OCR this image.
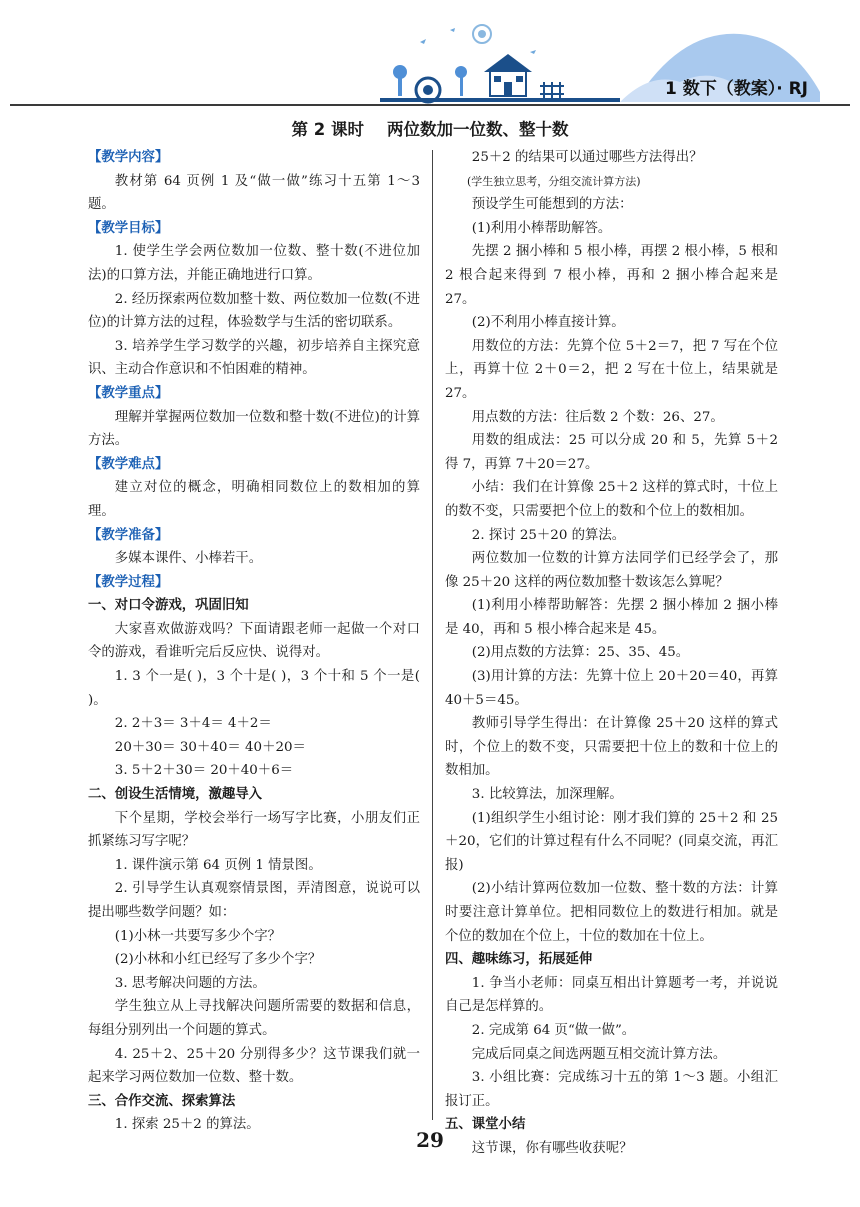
1 数下（教案）· RJ
第 2 课时    两位数加一位数、整十数

【教学内容】

教材第 64 页例 1 及“做一做”练习十五第 1～3 题。

【教学目标】

1. 使学生学会两位数加一位数、整十数(不进位加法)的口算方法，并能正确地进行口算。

2. 经历探索两位数加整十数、两位数加一位数(不进位)的计算方法的过程，体验数学与生活的密切联系。

3. 培养学生学习数学的兴趣，初步培养自主探究意识、主动合作意识和不怕困难的精神。

【教学重点】

理解并掌握两位数加一位数和整十数(不进位)的计算方法。

【教学难点】

建立对位的概念，明确相同数位上的数相加的算理。

【教学准备】

多媒本课件、小棒若干。

【教学过程】

一、对口令游戏，巩固旧知

大家喜欢做游戏吗？下面请跟老师一起做一个对口令的游戏，看谁听完后反应快、说得对。

1. 3 个一是( )，3 个十是( )，3 个十和 5 个一是( )。

2. 2＋3＝ 3＋4＝ 4＋2＝

20＋30＝ 30＋40＝ 40＋20＝

3. 5＋2＋30＝ 20＋40＋6＝

二、创设生活情境，激趣导入

下个星期，学校会举行一场写字比赛，小朋友们正抓紧练习写字呢？

1. 课件演示第 64 页例 1 情景图。

2. 引导学生认真观察情景图，弄清图意，说说可以提出哪些数学问题？如：

(1)小林一共要写多少个字？

(2)小林和小红已经写了多少个字？

3. 思考解决问题的方法。

学生独立从上寻找解决问题所需要的数据和信息，每组分别列出一个问题的算式。

4. 25＋2、25＋20 分别得多少？这节课我们就一起来学习两位数加一位数、整十数。

三、合作交流、探索算法

1. 探索 25＋2 的算法。

25＋2 的结果可以通过哪些方法得出？

(学生独立思考，分组交流计算方法)

预设学生可能想到的方法：

(1)利用小棒帮助解答。

先摆 2 捆小棒和 5 根小棒，再摆 2 根小棒，5 根和 2 根合起来得到 7 根小棒，再和 2 捆小棒合起来是 27。

(2)不利用小棒直接计算。

用数位的方法：先算个位 5＋2＝7，把 7 写在个位上，再算十位 2＋0＝2，把 2 写在十位上，结果就是 27。

用点数的方法：往后数 2 个数：26、27。

用数的组成法：25 可以分成 20 和 5，先算 5＋2 得 7，再算 7＋20＝27。

小结：我们在计算像 25＋2 这样的算式时，十位上的数不变，只需要把个位上的数和个位上的数相加。

2. 探讨 25＋20 的算法。

两位数加一位数的计算方法同学们已经学会了，那像 25＋20 这样的两位数加整十数该怎么算呢？

(1)利用小棒帮助解答：先摆 2 捆小棒加 2 捆小棒是 40，再和 5 根小棒合起来是 45。

(2)用点数的方法算：25、35、45。

(3)用计算的方法：先算十位上 20＋20＝40，再算 40＋5＝45。

教师引导学生得出：在计算像 25＋20 这样的算式时，个位上的数不变，只需要把十位上的数和十位上的数相加。

3. 比较算法，加深理解。

(1)组织学生小组讨论：刚才我们算的 25＋2 和 25＋20，它们的计算过程有什么不同呢？(同桌交流，再汇报)

(2)小结计算两位数加一位数、整十数的方法：计算时要注意计算单位。把相同数位上的数进行相加。就是个位的数加在个位上，十位的数加在十位上。

四、趣味练习，拓展延伸

1. 争当小老师：同桌互相出计算题考一考，并说说自己是怎样算的。

2. 完成第 64 页“做一做”。

完成后同桌之间选两题互相交流计算方法。

3. 小组比赛：完成练习十五的第 1～3 题。小组汇报订正。

五、课堂小结

这节课，你有哪些收获呢？

29
